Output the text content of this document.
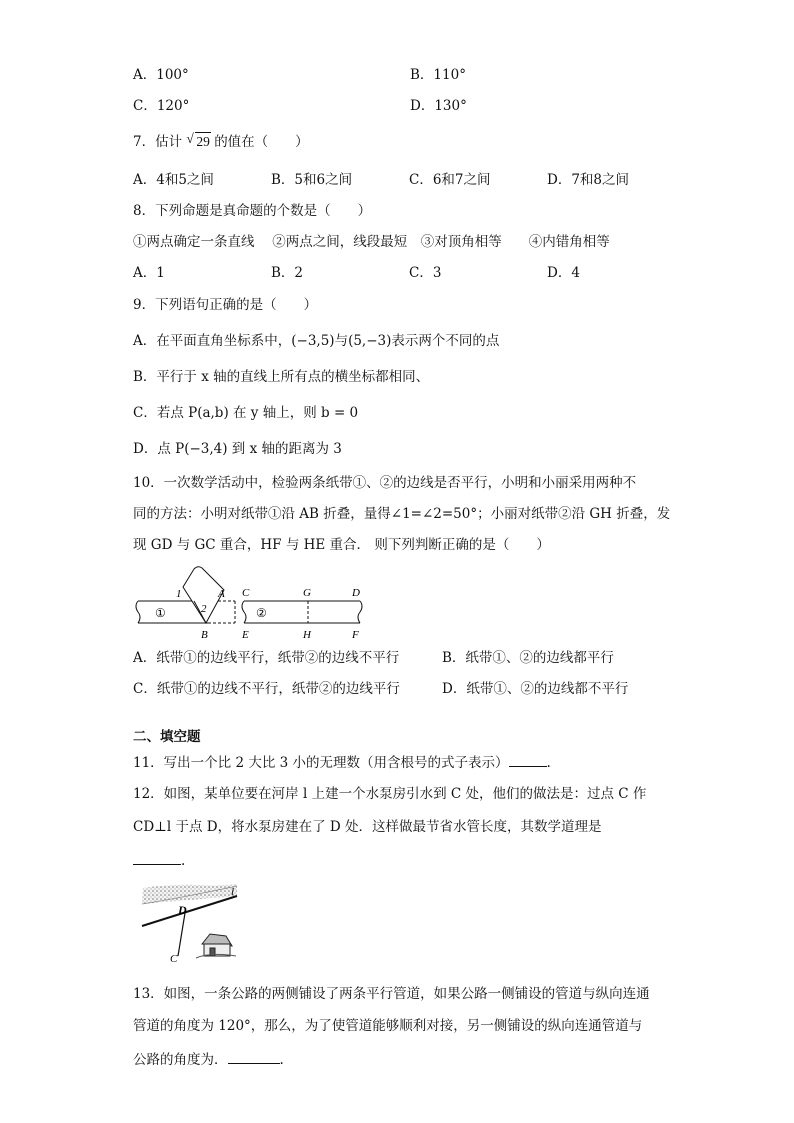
A．100°	B．110°
C．120°	D．130°
7．估计 √ 29 的值在（　　）
A．4和5之间	B．5和6之间	C．6和7之间	D．7和8之间
8．下列命题是真命题的个数是（　　）
①两点确定一条直线　 ②两点之间，线段最短　③对顶角相等　　④内错角相等
A．1	B．2	C．3	D．4
9．下列语句正确的是（　　）
A．在平面直角坐标系中，(−3,5)与(5,−3)表示两个不同的点
B．平行于 x 轴的直线上所有点的横坐标都相同、
C．若点 P(a,b) 在 y 轴上，则 b = 0
D．点 P(−3,4) 到 x 轴的距离为 3
10．一次数学活动中，检验两条纸带①、②的边线是否平行，小明和小丽采用两种不
同的方法：小明对纸带①沿 AB 折叠，量得∠1=∠2=50°；小丽对纸带②沿 GH 折叠，发
现 GD 与 GC 重合，HF 与 HE 重合． 则下列判断正确的是（　　）
①
1
2
A
B
②
C	G	D
E	H	F
A．纸带①的边线平行，纸带②的边线不平行	B．纸带①、②的边线都平行
C．纸带①的边线不平行，纸带②的边线平行	D．纸带①、②的边线都不平行
二、填空题
11．写出一个比 2 大比 3 小的无理数（用含根号的式子表示）	.
12．如图，某单位要在河岸 l 上建一个水泵房引水到 C 处，他们的做法是：过点 C 作
CD⊥l 于点 D，将水泵房建在了 D 处．这样做最节省水管长度，其数学道理是
.
D
C
l
13．如图，一条公路的两侧铺设了两条平行管道，如果公路一侧铺设的管道与纵向连通
管道的角度为 120°，那么，为了使管道能够顺利对接，另一侧铺设的纵向连通管道与
公路的角度为．	.
